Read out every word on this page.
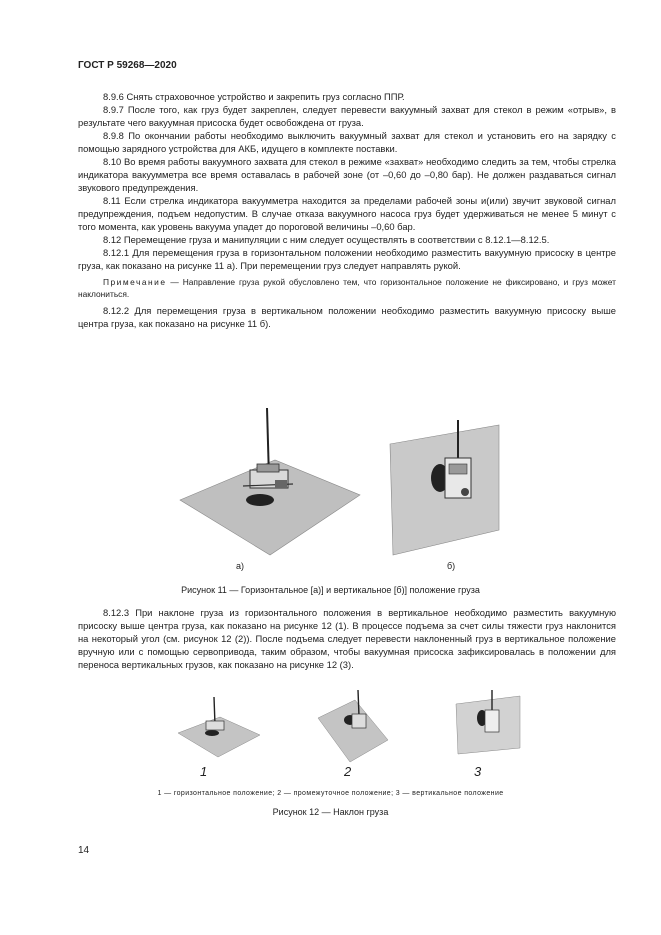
ГОСТ Р 59268—2020

8.9.6 Снять страховочное устройство и закрепить груз согласно ППР.

8.9.7 После того, как груз будет закреплен, следует перевести вакуумный захват для стекол в режим «отрыв», в результате чего вакуумная присоска будет освобождена от груза.

8.9.8 По окончании работы необходимо выключить вакуумный захват для стекол и установить его на зарядку с помощью зарядного устройства для АКБ, идущего в комплекте поставки.

8.10 Во время работы вакуумного захвата для стекол в режиме «захват» необходимо следить за тем, чтобы стрелка индикатора вакуумметра все время оставалась в рабочей зоне (от –0,60 до –0,80 бар). Не должен раздаваться сигнал звукового предупреждения.

8.11 Если стрелка индикатора вакуумметра находится за пределами рабочей зоны и(или) звучит звуковой сигнал предупреждения, подъем недопустим. В случае отказа вакуумного насоса груз будет удерживаться не менее 5 минут с того момента, как уровень вакуума упадет до пороговой величины –0,60 бар.

8.12 Перемещение груза и манипуляции с ним следует осуществлять в соответствии с 8.12.1—8.12.5.

8.12.1 Для перемещения груза в горизонтальном положении необходимо разместить вакуумную присоску в центре груза, как показано на рисунке 11 а). При перемещении груз следует направлять рукой.

Примечание — Направление груза рукой обусловлено тем, что горизонтальное положение не фиксировано, и груз может наклониться.

8.12.2 Для перемещения груза в вертикальном положении необходимо разместить вакуумную присоску выше центра груза, как показано на рисунке 11 б).

а)	б)
Рисунок 11 — Горизонтальное [а)] и вертикальное [б)] положение груза

8.12.3 При наклоне груза из горизонтального положения в вертикальное необходимо разместить вакуумную присоску выше центра груза, как показано на рисунке 12 (1). В процессе подъема за счет силы тяжести груз наклонится на некоторый угол (см. рисунок 12 (2)). После подъема следует перевести наклоненный груз в вертикальное положение вручную или с помощью сервопривода, таким образом, чтобы вакуумная присоска зафиксировалась в положении для переноса вертикальных грузов, как показано на рисунке 12 (3).

1	2	3
1 — горизонтальное положение; 2 — промежуточное положение; 3 — вертикальное положение
Рисунок 12 — Наклон груза
14
